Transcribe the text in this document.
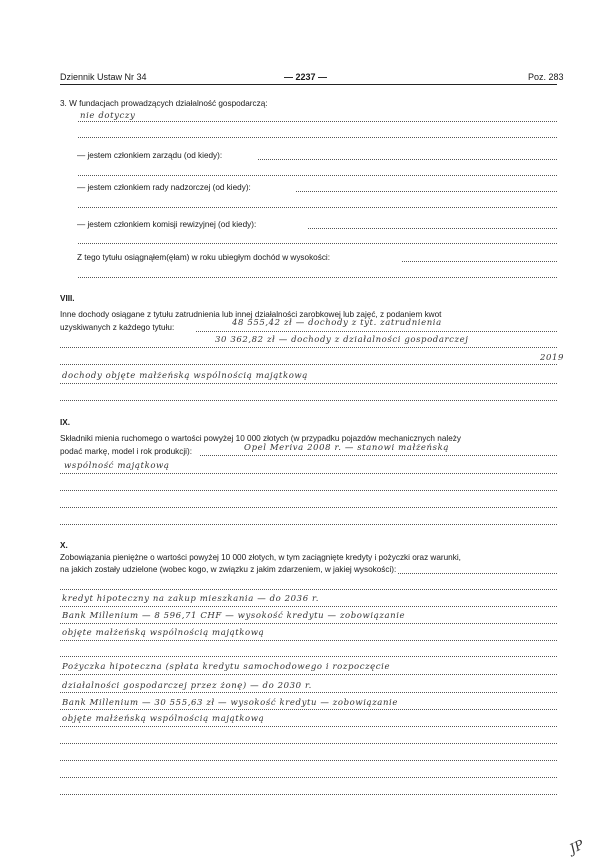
Dziennik Ustaw Nr 34	— 2237 —	Poz. 283
3. W fundacjach prowadzących działalność gospodarczą:
nie dotyczy
— jestem członkiem zarządu (od kiedy):
— jestem członkiem rady nadzorczej (od kiedy):
— jestem członkiem komisji rewizyjnej (od kiedy):
Z tego tytułu osiągnąłem(ęłam) w roku ubiegłym dochód w wysokości:
VIII.
Inne dochody osiągane z tytułu zatrudnienia lub innej działalności zarobkowej lub zajęć, z podaniem kwot
uzyskiwanych z każdego tytułu:	48 555,42 zł — dochody z tyt. zatrudnienia
30 362,82 zł — dochody z działalności gospodarczej
2019
dochody objęte małżeńską wspólnością majątkową
IX.
Składniki mienia ruchomego o wartości powyżej 10 000 złotych (w przypadku pojazdów mechanicznych należy
podać markę, model i rok produkcji):	Opel Meriva 2008 r. — stanowi małżeńską
wspólność majątkową
X.
Zobowiązania pieniężne o wartości powyżej 10 000 złotych, w tym zaciągnięte kredyty i pożyczki oraz warunki,
na jakich zostały udzielone (wobec kogo, w związku z jakim zdarzeniem, w jakiej wysokości):
kredyt hipoteczny na zakup mieszkania — do 2036 r.
Bank Millenium — 8 596,71 CHF — wysokość kredytu — zobowiązanie
objęte małżeńską wspólnością majątkową
Pożyczka hipoteczna (spłata kredytu samochodowego i rozpoczęcie
działalności gospodarczej przez żonę) — do 2030 r.
Bank Millenium — 30 555,63 zł — wysokość kredytu — zobowiązanie
objęte małżeńską wspólnością majątkową
JP
